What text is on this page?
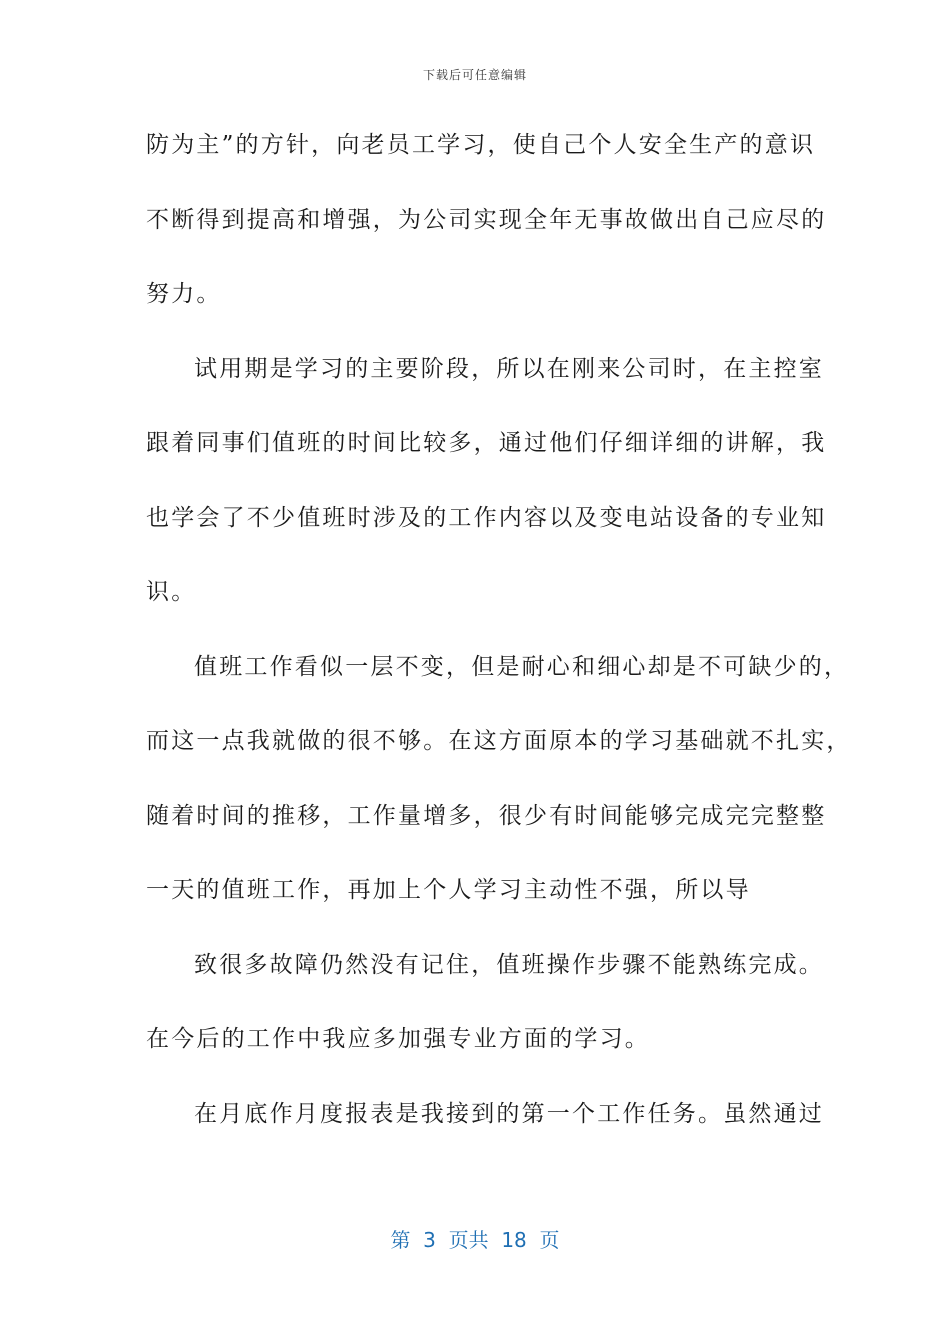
下载后可任意编辑
防为主”的方针，向老员工学习，使自己个人安全生产的意识
不断得到提高和增强，为公司实现全年无事故做出自己应尽的
努力。
试用期是学习的主要阶段，所以在刚来公司时，在主控室
跟着同事们值班的时间比较多，通过他们仔细详细的讲解，我
也学会了不少值班时涉及的工作内容以及变电站设备的专业知
识。
值班工作看似一层不变，但是耐心和细心却是不可缺少的，
而这一点我就做的很不够。在这方面原本的学习基础就不扎实，
随着时间的推移，工作量增多，很少有时间能够完成完完整整
一天的值班工作，再加上个人学习主动性不强，所以导
致很多故障仍然没有记住，值班操作步骤不能熟练完成。
在今后的工作中我应多加强专业方面的学习。
在月底作月度报表是我接到的第一个工作任务。虽然通过
第  3  页共  18  页
